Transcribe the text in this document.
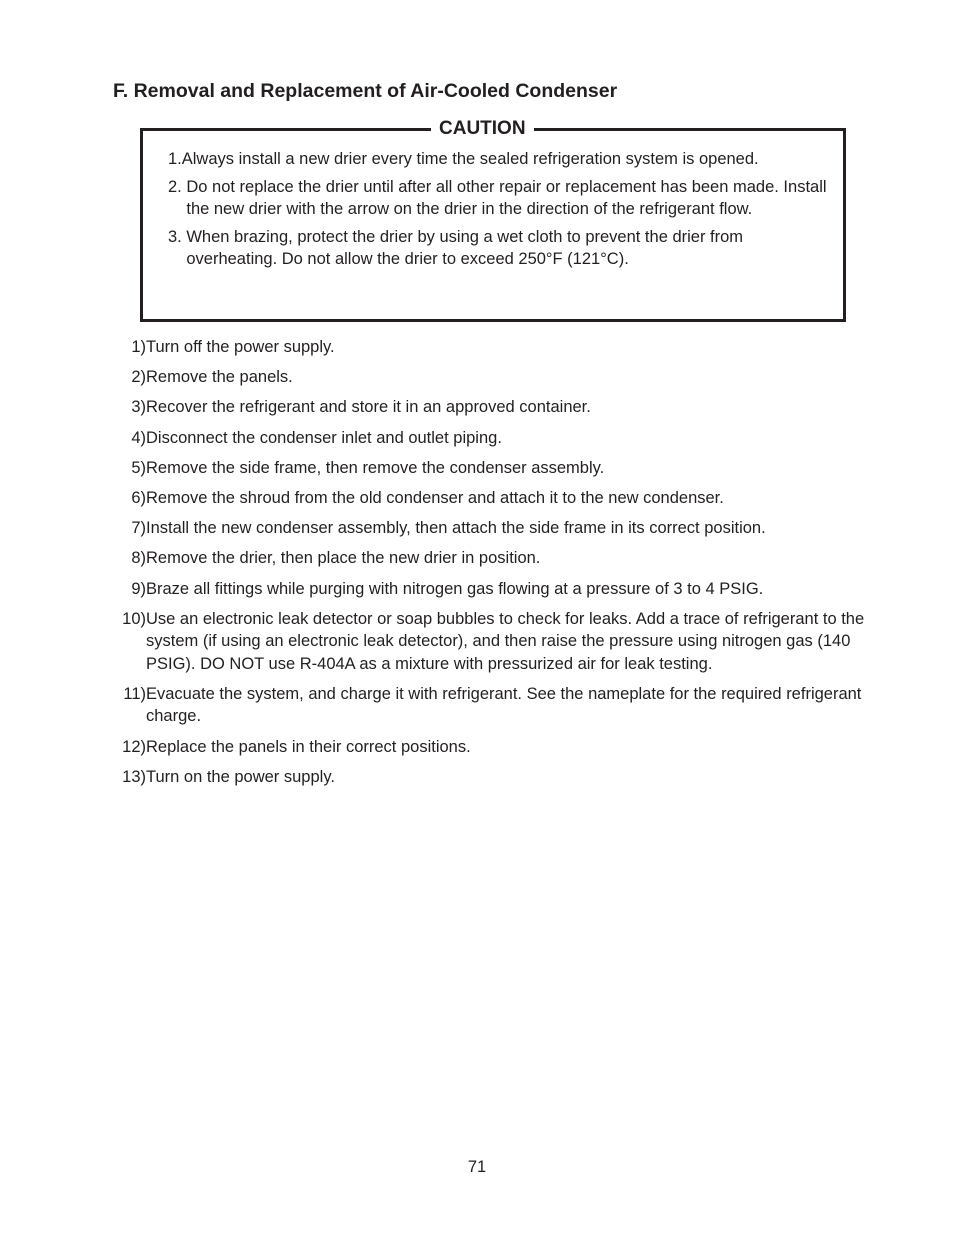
F. Removal and Replacement of Air-Cooled Condenser
CAUTION
1. Always install a new drier every time the sealed refrigeration system is opened.
2. Do not replace the drier until after all other repair or replacement has been made. Install the new drier with the arrow on the drier in the direction of the refrigerant flow.
3. When brazing, protect the drier by using a wet cloth to prevent the drier from overheating. Do not allow the drier to exceed 250°F (121°C).
1) Turn off the power supply.
2) Remove the panels.
3) Recover the refrigerant and store it in an approved container.
4) Disconnect the condenser inlet and outlet piping.
5) Remove the side frame, then remove the condenser assembly.
6) Remove the shroud from the old condenser and attach it to the new condenser.
7) Install the new condenser assembly, then attach the side frame in its correct position.
8) Remove the drier, then place the new drier in position.
9) Braze all fittings while purging with nitrogen gas flowing at a pressure of 3 to 4 PSIG.
10) Use an electronic leak detector or soap bubbles to check for leaks. Add a trace of refrigerant to the system (if using an electronic leak detector), and then raise the pressure using nitrogen gas (140 PSIG). DO NOT use R-404A as a mixture with pressurized air for leak testing.
11) Evacuate the system, and charge it with refrigerant. See the nameplate for the required refrigerant charge.
12) Replace the panels in their correct positions.
13) Turn on the power supply.

71
